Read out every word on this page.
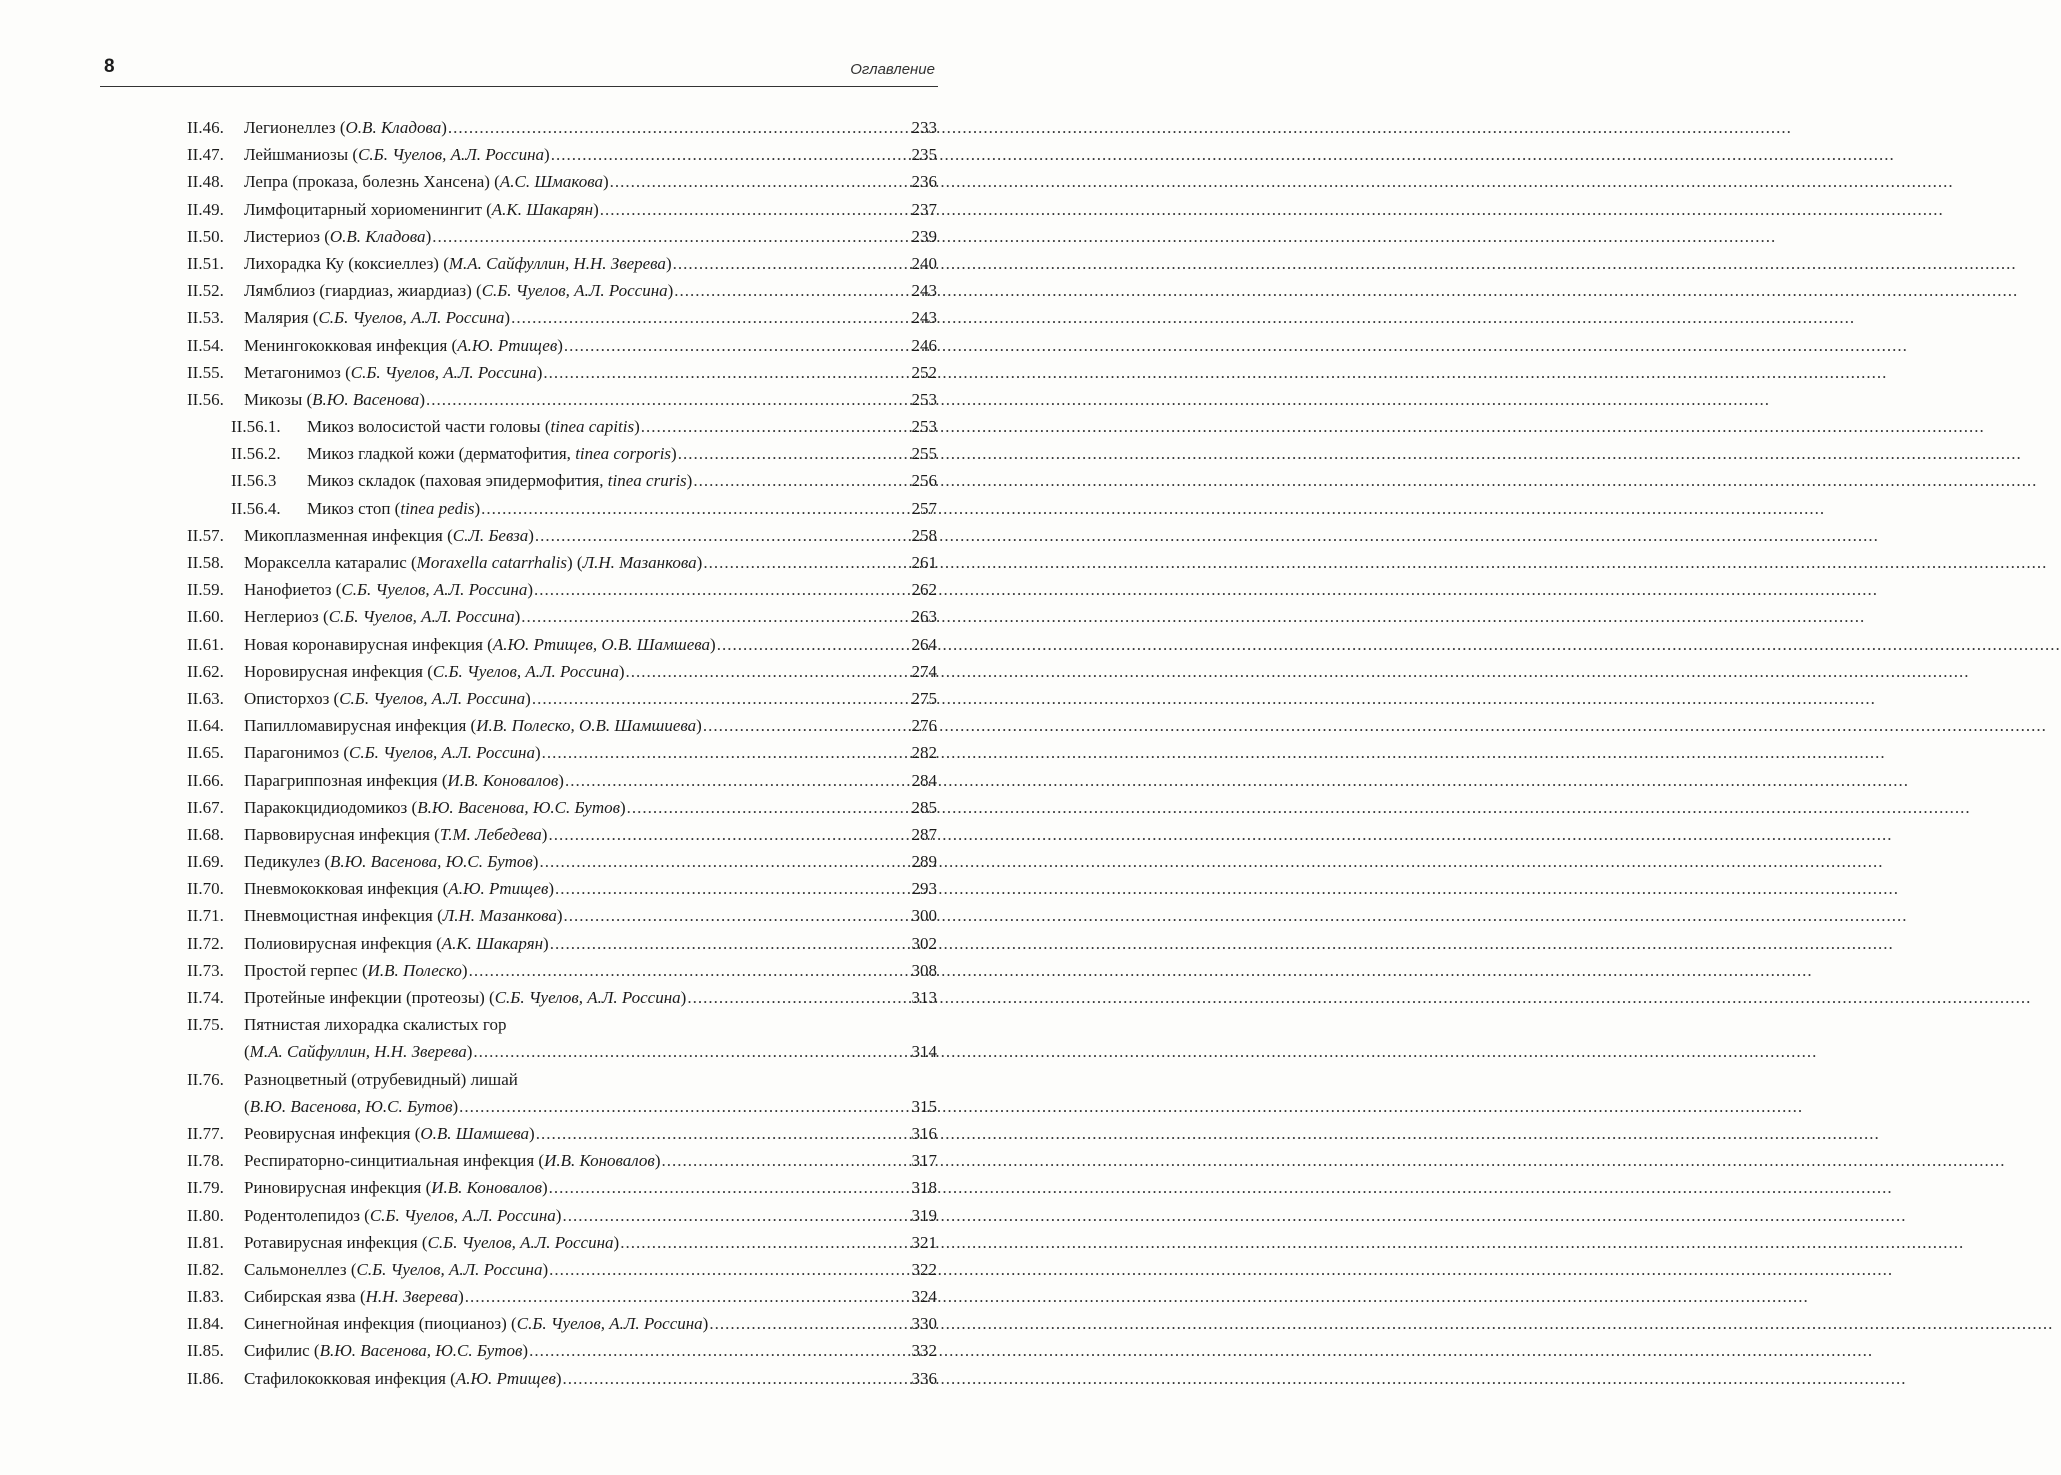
8	Оглавление
II.46.	Легионеллез (О.В. Кладова) .....	233
II.47.	Лейшманиозы (С.Б. Чуелов, А.Л. Россина) .....	235
II.48.	Лепра (проказа, болезнь Хансена) (А.С. Шмакова) .....	236
II.49.	Лимфоцитарный хориоменингит (А.К. Шакарян) .....	237
II.50.	Листериоз (О.В. Кладова) .....	239
II.51.	Лихорадка Ку (коксиеллез) (М.А. Сайфуллин, Н.Н. Зверева) .....	240
II.52.	Лямблиоз (гиардиаз, жиардиаз) (С.Б. Чуелов, А.Л. Россина) .....	243
II.53.	Малярия (С.Б. Чуелов, А.Л. Россина) .....	243
II.54.	Менингококковая инфекция (А.Ю. Ртищев) .....	246
II.55.	Метагонимоз (С.Б. Чуелов, А.Л. Россина) .....	252
II.56.	Микозы (В.Ю. Васенова) .....	253
II.56.1.	Микоз волосистой части головы (tinea capitis) .....	253
II.56.2.	Микоз гладкой кожи (дерматофития, tinea corporis) .....	255
II.56.3	Микоз складок (паховая эпидермофития, tinea cruris) .....	256
II.56.4.	Микоз стоп (tinea pedis) .....	257
II.57.	Микоплазменная инфекция (С.Л. Бевза) .....	258
II.58.	Моракселла катаралис (Moraxella catarrhalis) (Л.Н. Мазанкова) .....	261
II.59.	Нанофиетоз (С.Б. Чуелов, А.Л. Россина) .....	262
II.60.	Неглериоз (С.Б. Чуелов, А.Л. Россина) .....	263
II.61.	Новая коронавирусная инфекция (А.Ю. Ртищев, О.В. Шамшева) .....	264
II.62.	Норовирусная инфекция (С.Б. Чуелов, А.Л. Россина) .....	274
II.63.	Описторхоз (С.Б. Чуелов, А.Л. Россина) .....	275
II.64.	Папилломавирусная инфекция (И.В. Полеско, О.В. Шамшиева) .....	276
II.65.	Парагонимоз (С.Б. Чуелов, А.Л. Россина) .....	282
II.66.	Парагриппозная инфекция (И.В. Коновалов) .....	284
II.67.	Паракокцидиодомикоз (В.Ю. Васенова, Ю.С. Бутов) .....	285
II.68.	Парвовирусная инфекция (Т.М. Лебедева) .....	287
II.69.	Педикулез (В.Ю. Васенова, Ю.С. Бутов) .....	289
II.70.	Пневмококковая инфекция (А.Ю. Ртищев) .....	293
II.71.	Пневмоцистная инфекция (Л.Н. Мазанкова) .....	300
II.72.	Полиовирусная инфекция (А.К. Шакарян) .....	302
II.73.	Простой герпес (И.В. Полеско) .....	308
II.74.	Протейные инфекции (протеозы) (С.Б. Чуелов, А.Л. Россина) .....	313
II.75.	Пятнистая лихорадка скалистых гор
(М.А. Сайфуллин, Н.Н. Зверева) .....	314
II.76.	Разноцветный (отрубевидный) лишай
(В.Ю. Васенова, Ю.С. Бутов) .....	315
II.77.	Реовирусная инфекция (О.В. Шамшева) .....	316
II.78.	Респираторно-синцитиальная инфекция (И.В. Коновалов) .....	317
II.79.	Риновирусная инфекция (И.В. Коновалов) .....	318
II.80.	Родентолепидоз (С.Б. Чуелов, А.Л. Россина) .....	319
II.81.	Ротавирусная инфекция (С.Б. Чуелов, А.Л. Россина) .....	321
II.82.	Сальмонеллез (С.Б. Чуелов, А.Л. Россина) .....	322
II.83.	Сибирская язва (Н.Н. Зверева) .....	324
II.84.	Синегнойная инфекция (пиоцианоз) (С.Б. Чуелов, А.Л. Россина) .....	330
II.85.	Сифилис (В.Ю. Васенова, Ю.С. Бутов) .....	332
II.86.	Стафилококковая инфекция (А.Ю. Ртищев) .....	336
